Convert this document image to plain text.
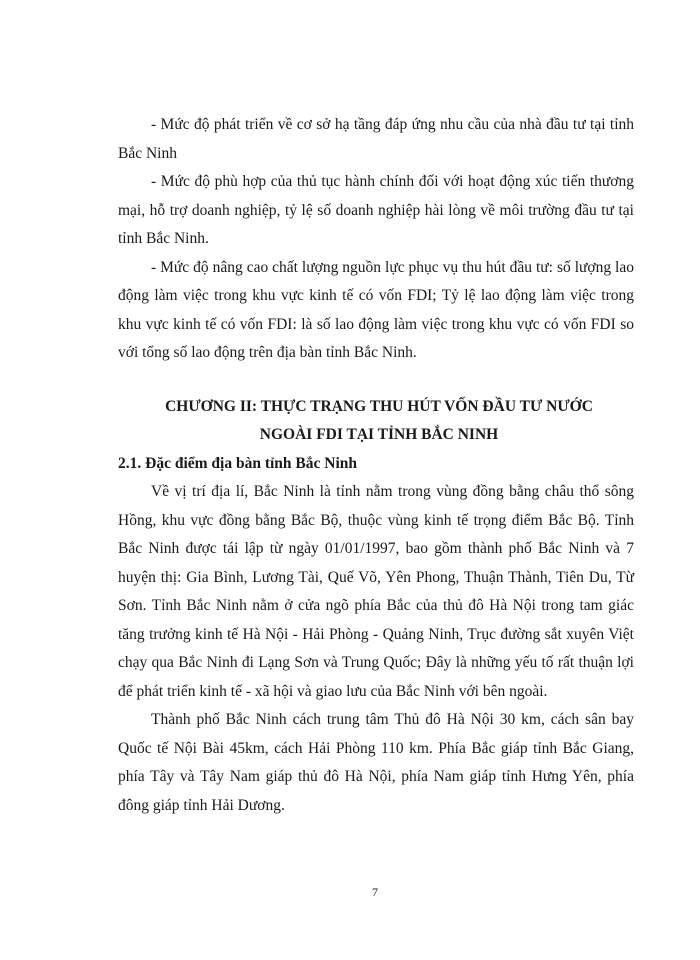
- Mức độ phát triển về cơ sở hạ tầng đáp ứng nhu cầu của nhà đầu tư tại tỉnh Bắc Ninh

- Mức độ phù hợp của thủ tục hành chính đối với hoạt động xúc tiến thương mại, hỗ trợ doanh nghiệp, tỷ lệ số doanh nghiệp hài lòng về môi trường đầu tư tại tỉnh Bắc Ninh.

- Mức độ nâng cao chất lượng nguồn lực phục vụ thu hút đầu tư: số lượng lao động làm việc trong khu vực kinh tế có vốn FDI; Tỷ lệ lao động làm việc trong khu vực kinh tế có vốn FDI: là số lao động làm việc trong khu vực có vốn FDI so với tổng số lao động trên địa bàn tỉnh Bắc Ninh.

CHƯƠNG II: THỰC TRẠNG THU HÚT VỐN ĐẦU TƯ NƯỚC
NGOÀI FDI TẠI TỈNH BẮC NINH
2.1. Đặc điểm địa bàn tỉnh Bắc Ninh

Về vị trí địa lí, Bắc Ninh là tỉnh nằm trong vùng đồng bằng châu thổ sông Hồng, khu vực đồng bằng Bắc Bộ, thuộc vùng kinh tế trọng điểm Bắc Bộ. Tỉnh Bắc Ninh được tái lập từ ngày 01/01/1997, bao gồm thành phố Bắc Ninh và 7 huyện thị: Gia Bình, Lương Tài, Quế Võ, Yên Phong, Thuận Thành, Tiên Du, Từ Sơn. Tỉnh Bắc Ninh nằm ở cửa ngõ phía Bắc của thủ đô Hà Nội trong tam giác tăng trưởng kinh tế Hà Nội - Hải Phòng - Quảng Ninh, Trục đường sắt xuyên Việt chạy qua Bắc Ninh đi Lạng Sơn và Trung Quốc; Đây là những yếu tố rất thuận lợi để phát triển kinh tế - xã hội và giao lưu của Bắc Ninh với bên ngoài.

Thành phố Bắc Ninh cách trung tâm Thủ đô Hà Nội 30 km, cách sân bay Quốc tế Nội Bài 45km, cách Hải Phòng 110 km. Phía Bắc giáp tỉnh Bắc Giang, phía Tây và Tây Nam giáp thủ đô Hà Nội, phía Nam giáp tỉnh Hưng Yên, phía đông giáp tỉnh Hải Dương.

7
